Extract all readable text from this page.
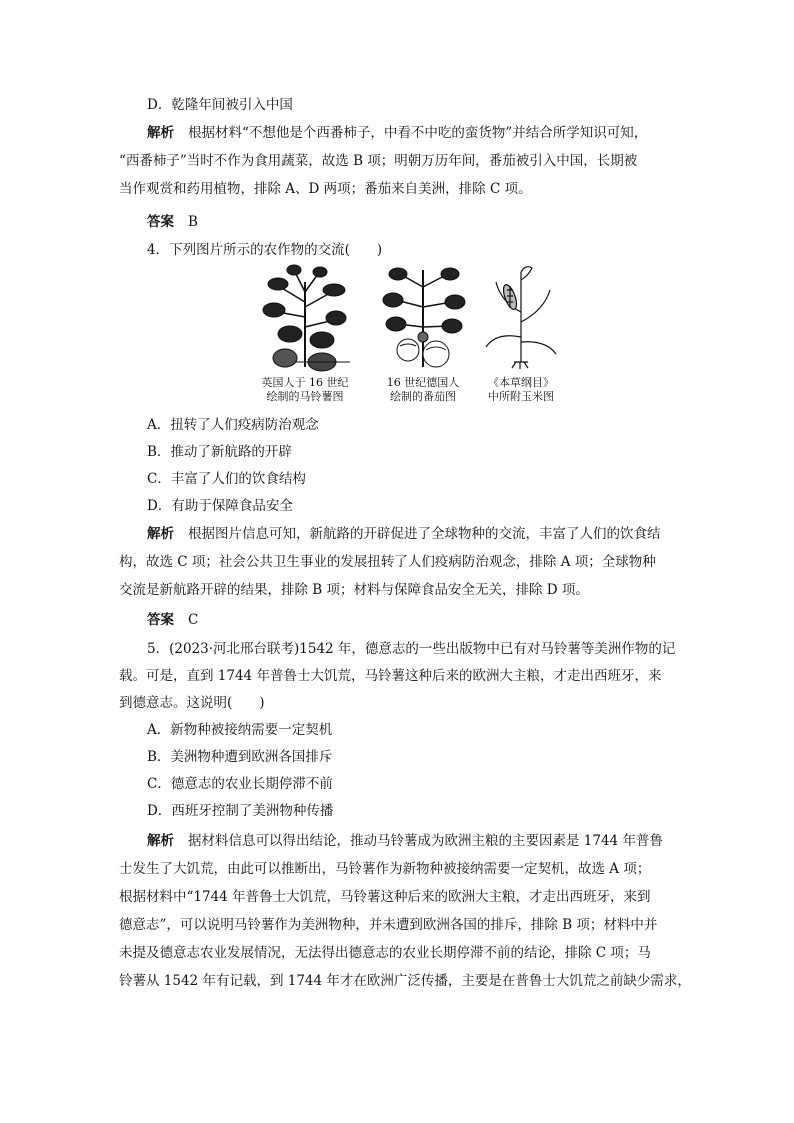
D．乾隆年间被引入中国
解析 根据材料“不想他是个西番柿子，中看不中吃的蛮货物”并结合所学知识可知，
“西番柿子”当时不作为食用蔬菜，故选 B 项；明朝万历年间，番茄被引入中国，长期被
当作观赏和药用植物，排除 A、D 两项；番茄来自美洲，排除 C 项。
答案 B
4．下列图片所示的农作物的交流(　　)
英国人于 16 世纪
绘制的马铃薯图
16 世纪德国人
绘制的番茄图
《本草纲目》
中所附玉米图
A．扭转了人们疫病防治观念
B．推动了新航路的开辟
C．丰富了人们的饮食结构
D．有助于保障食品安全
解析 根据图片信息可知，新航路的开辟促进了全球物种的交流，丰富了人们的饮食结
构，故选 C 项；社会公共卫生事业的发展扭转了人们疫病防治观念，排除 A 项；全球物种
交流是新航路开辟的结果，排除 B 项；材料与保障食品安全无关，排除 D 项。
答案 C
5．(2023·河北邢台联考)1542 年，德意志的一些出版物中已有对马铃薯等美洲作物的记
载。可是，直到 1744 年普鲁士大饥荒，马铃薯这种后来的欧洲大主粮，才走出西班牙，来
到德意志。这说明(　　)
A．新物种被接纳需要一定契机
B．美洲物种遭到欧洲各国排斥
C．德意志的农业长期停滞不前
D．西班牙控制了美洲物种传播
解析 据材料信息可以得出结论，推动马铃薯成为欧洲主粮的主要因素是 1744 年普鲁
士发生了大饥荒，由此可以推断出，马铃薯作为新物种被接纳需要一定契机，故选 A 项；
根据材料中“1744 年普鲁士大饥荒，马铃薯这种后来的欧洲大主粮，才走出西班牙，来到
德意志”，可以说明马铃薯作为美洲物种，并未遭到欧洲各国的排斥，排除 B 项；材料中并
未提及德意志农业发展情况，无法得出德意志的农业长期停滞不前的结论，排除 C 项；马
铃薯从 1542 年有记载，到 1744 年才在欧洲广泛传播，主要是在普鲁士大饥荒之前缺少需求，
